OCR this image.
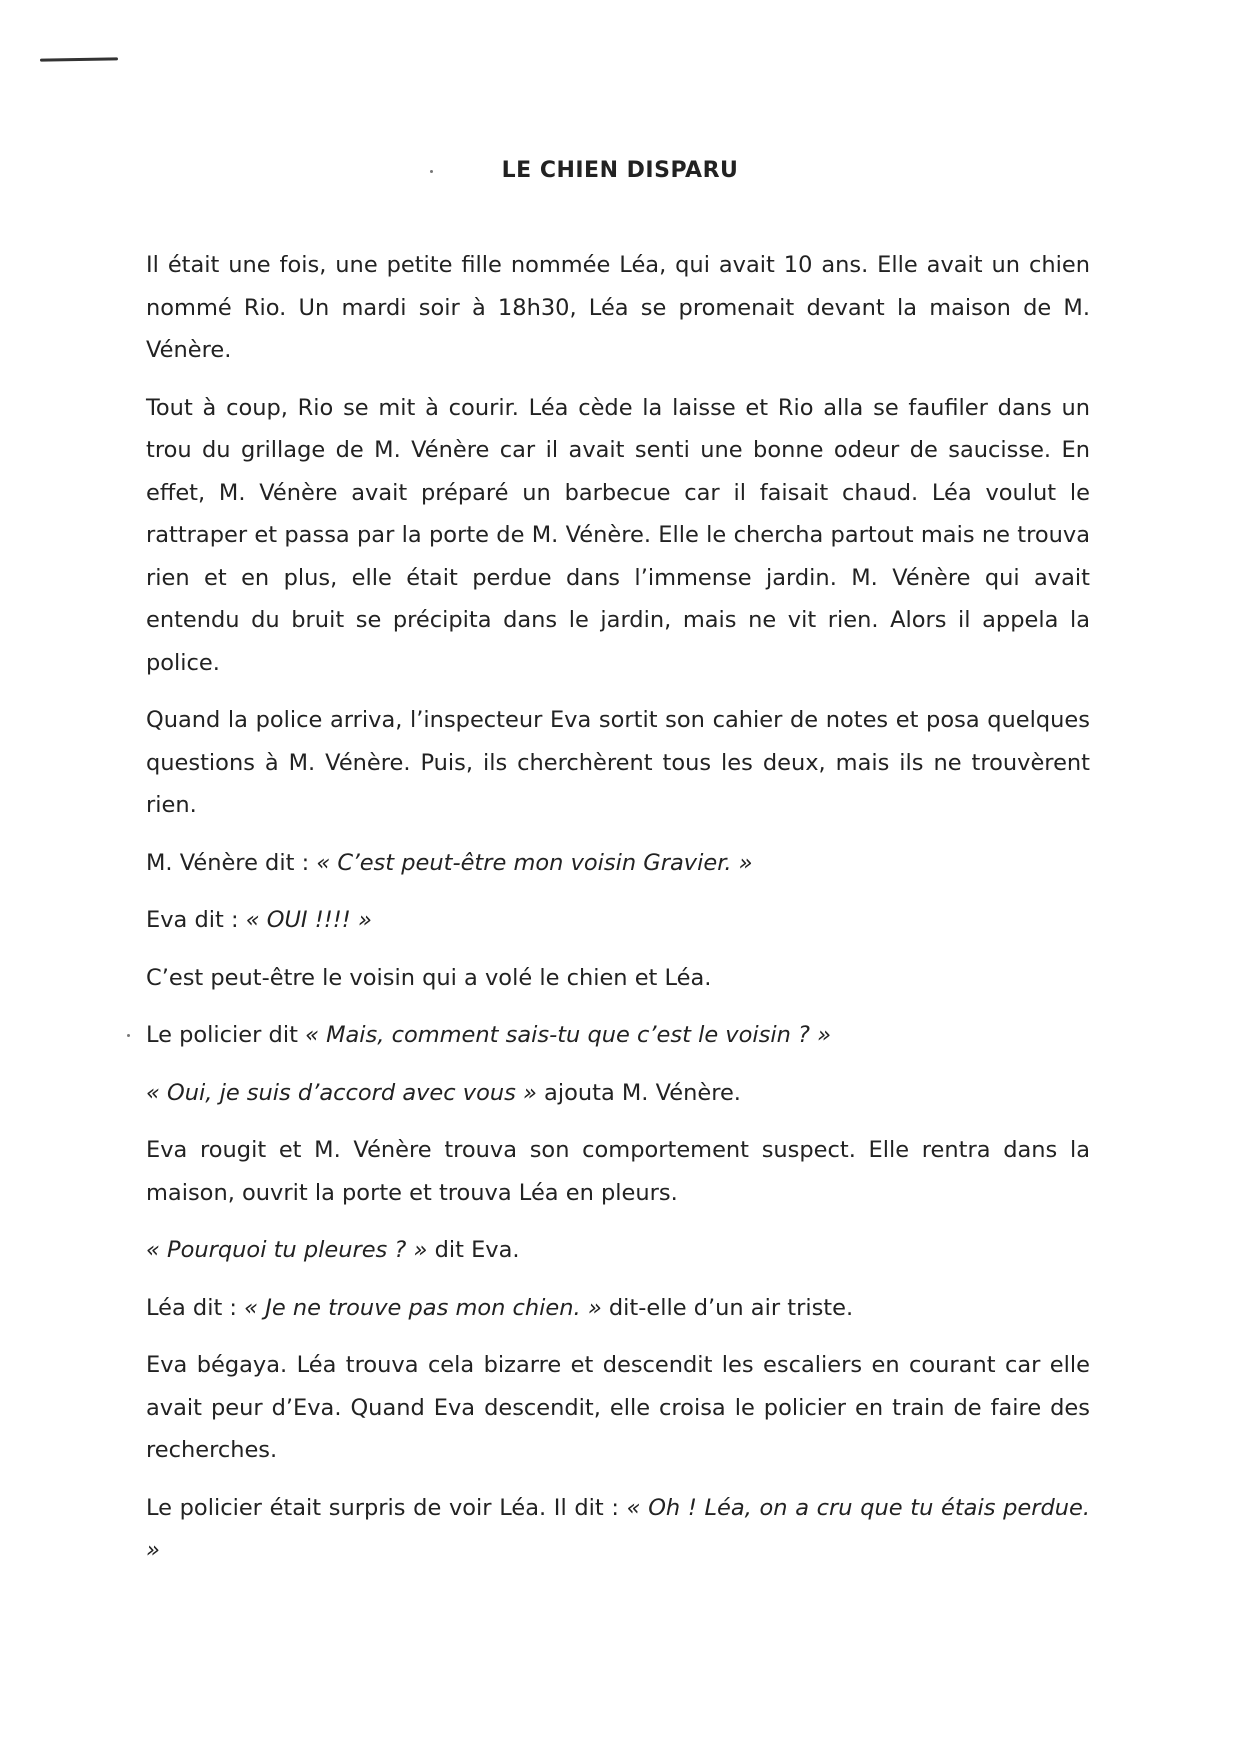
LE CHIEN DISPARU

Il était une fois, une petite fille nommée Léa, qui avait 10 ans. Elle avait un chien nommé Rio. Un mardi soir à 18h30, Léa se promenait devant la maison de M. Vénère.

Tout à coup, Rio se mit à courir. Léa cède la laisse et Rio alla se faufiler dans un trou du grillage de M. Vénère car il avait senti une bonne odeur de saucisse. En effet, M. Vénère avait préparé un barbecue car il faisait chaud. Léa voulut le rattraper et passa par la porte de M. Vénère. Elle le chercha partout mais ne trouva rien et en plus, elle était perdue dans l’immense jardin. M. Vénère qui avait entendu du bruit se précipita dans le jardin, mais ne vit rien. Alors il appela la police.

Quand la police arriva, l’inspecteur Eva sortit son cahier de notes et posa quelques questions à M. Vénère. Puis, ils cherchèrent tous les deux, mais ils ne trouvèrent rien.

M. Vénère dit : « C’est peut-être mon voisin Gravier. »

Eva dit : « OUI !!!! »

C’est peut-être le voisin qui a volé le chien et Léa.

Le policier dit « Mais, comment sais-tu que c’est le voisin ? »

« Oui, je suis d’accord avec vous » ajouta M. Vénère.

Eva rougit et M. Vénère trouva son comportement suspect. Elle rentra dans la maison, ouvrit la porte et trouva Léa en pleurs.

« Pourquoi tu pleures ? » dit Eva.

Léa dit : « Je ne trouve pas mon chien. » dit-elle d’un air triste.

Eva bégaya. Léa trouva cela bizarre et descendit les escaliers en courant car elle avait peur d’Eva. Quand Eva descendit, elle croisa le policier en train de faire des recherches.

Le policier était surpris de voir Léa. Il dit : « Oh ! Léa, on a cru que tu étais perdue. »
